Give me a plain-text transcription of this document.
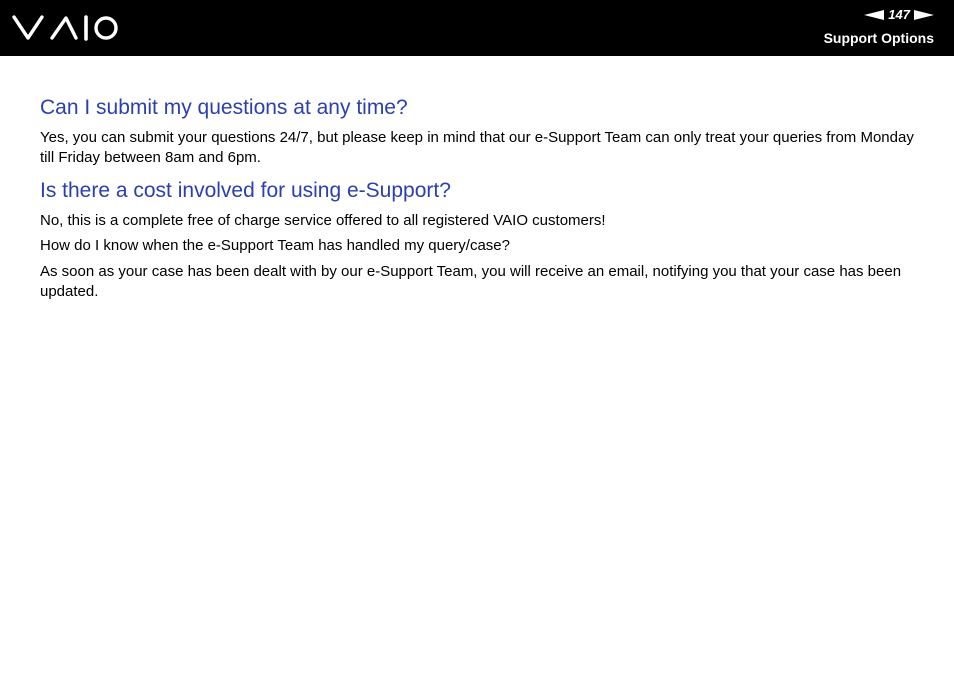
147
Support Options
Can I submit my questions at any time?

Yes, you can submit your questions 24/7, but please keep in mind that our e-Support Team can only treat your queries from Monday till Friday between 8am and 6pm.

Is there a cost involved for using e-Support?

No, this is a complete free of charge service offered to all registered VAIO customers!

How do I know when the e-Support Team has handled my query/case?

As soon as your case has been dealt with by our e-Support Team, you will receive an email, notifying you that your case has been updated.
